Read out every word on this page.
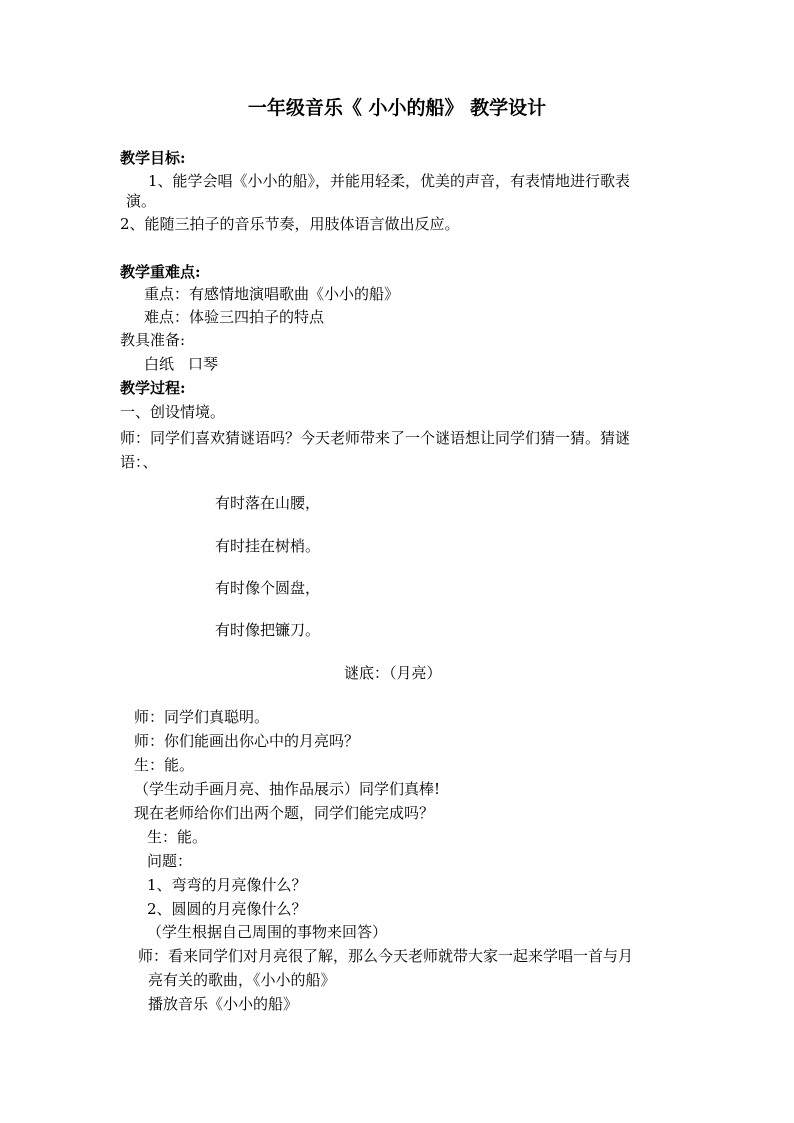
一年级音乐《 小小的船》 教学设计
教学目标:
1、能学会唱《小小的船》，并能用轻柔，优美的声音，有表情地进行歌表
演。
2、能随三拍子的音乐节奏，用肢体语言做出反应。
教学重难点:
重点：有感情地演唱歌曲《小小的船》
难点：体验三四拍子的特点
教具准备:
白纸 口琴
教学过程:
一、创设情境。
师：同学们喜欢猜谜语吗？今天老师带来了一个谜语想让同学们猜一猜。猜谜
语：、
有时落在山腰，
有时挂在树梢。
有时像个圆盘，
有时像把镰刀。
谜底：（月亮）
师：同学们真聪明。
师：你们能画出你心中的月亮吗？
生：能。
（学生动手画月亮、抽作品展示）同学们真棒!
现在老师给你们出两个题，同学们能完成吗？
生：能。
问题：
1、弯弯的月亮像什么？
2、圆圆的月亮像什么？
（学生根据自己周围的事物来回答）
师：看来同学们对月亮很了解，那么今天老师就带大家一起来学唱一首与月
亮有关的歌曲，《小小的船》
播放音乐《小小的船》
